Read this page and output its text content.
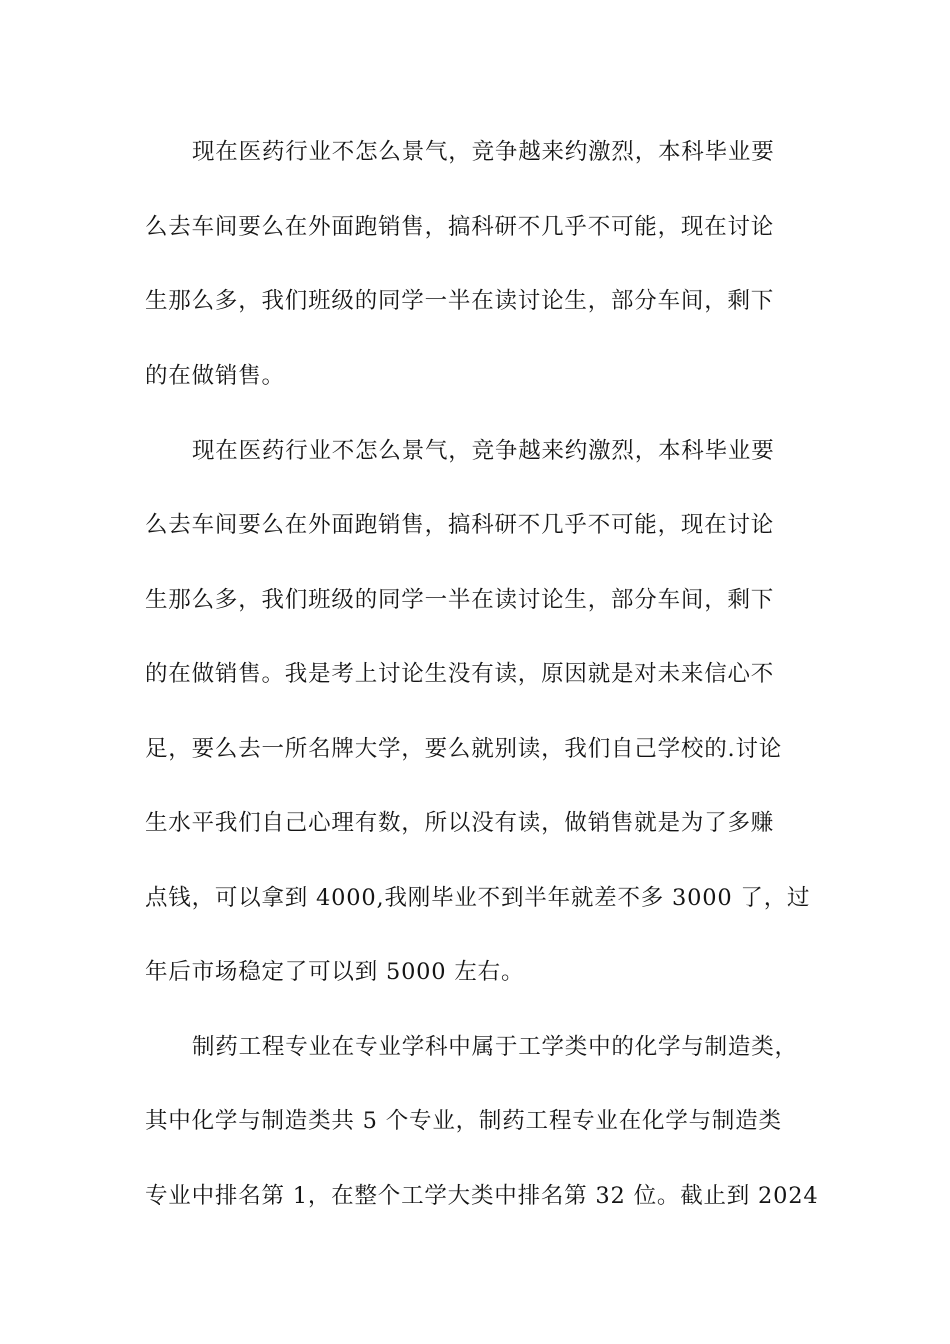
现在医药行业不怎么景气，竞争越来约激烈，本科毕业要
么去车间要么在外面跑销售，搞科研不几乎不可能，现在讨论
生那么多，我们班级的同学一半在读讨论生，部分车间，剩下
的在做销售。
现在医药行业不怎么景气，竞争越来约激烈，本科毕业要
么去车间要么在外面跑销售，搞科研不几乎不可能，现在讨论
生那么多，我们班级的同学一半在读讨论生，部分车间，剩下
的在做销售。我是考上讨论生没有读，原因就是对未来信心不
足，要么去一所名牌大学，要么就别读，我们自己学校的.讨论
生水平我们自己心理有数，所以没有读，做销售就是为了多赚
点钱，可以拿到 4000,我刚毕业不到半年就差不多 3000 了，过
年后市场稳定了可以到 5000 左右。
制药工程专业在专业学科中属于工学类中的化学与制造类，
其中化学与制造类共 5 个专业，制药工程专业在化学与制造类
专业中排名第 1，在整个工学大类中排名第 32 位。截止到 2024
